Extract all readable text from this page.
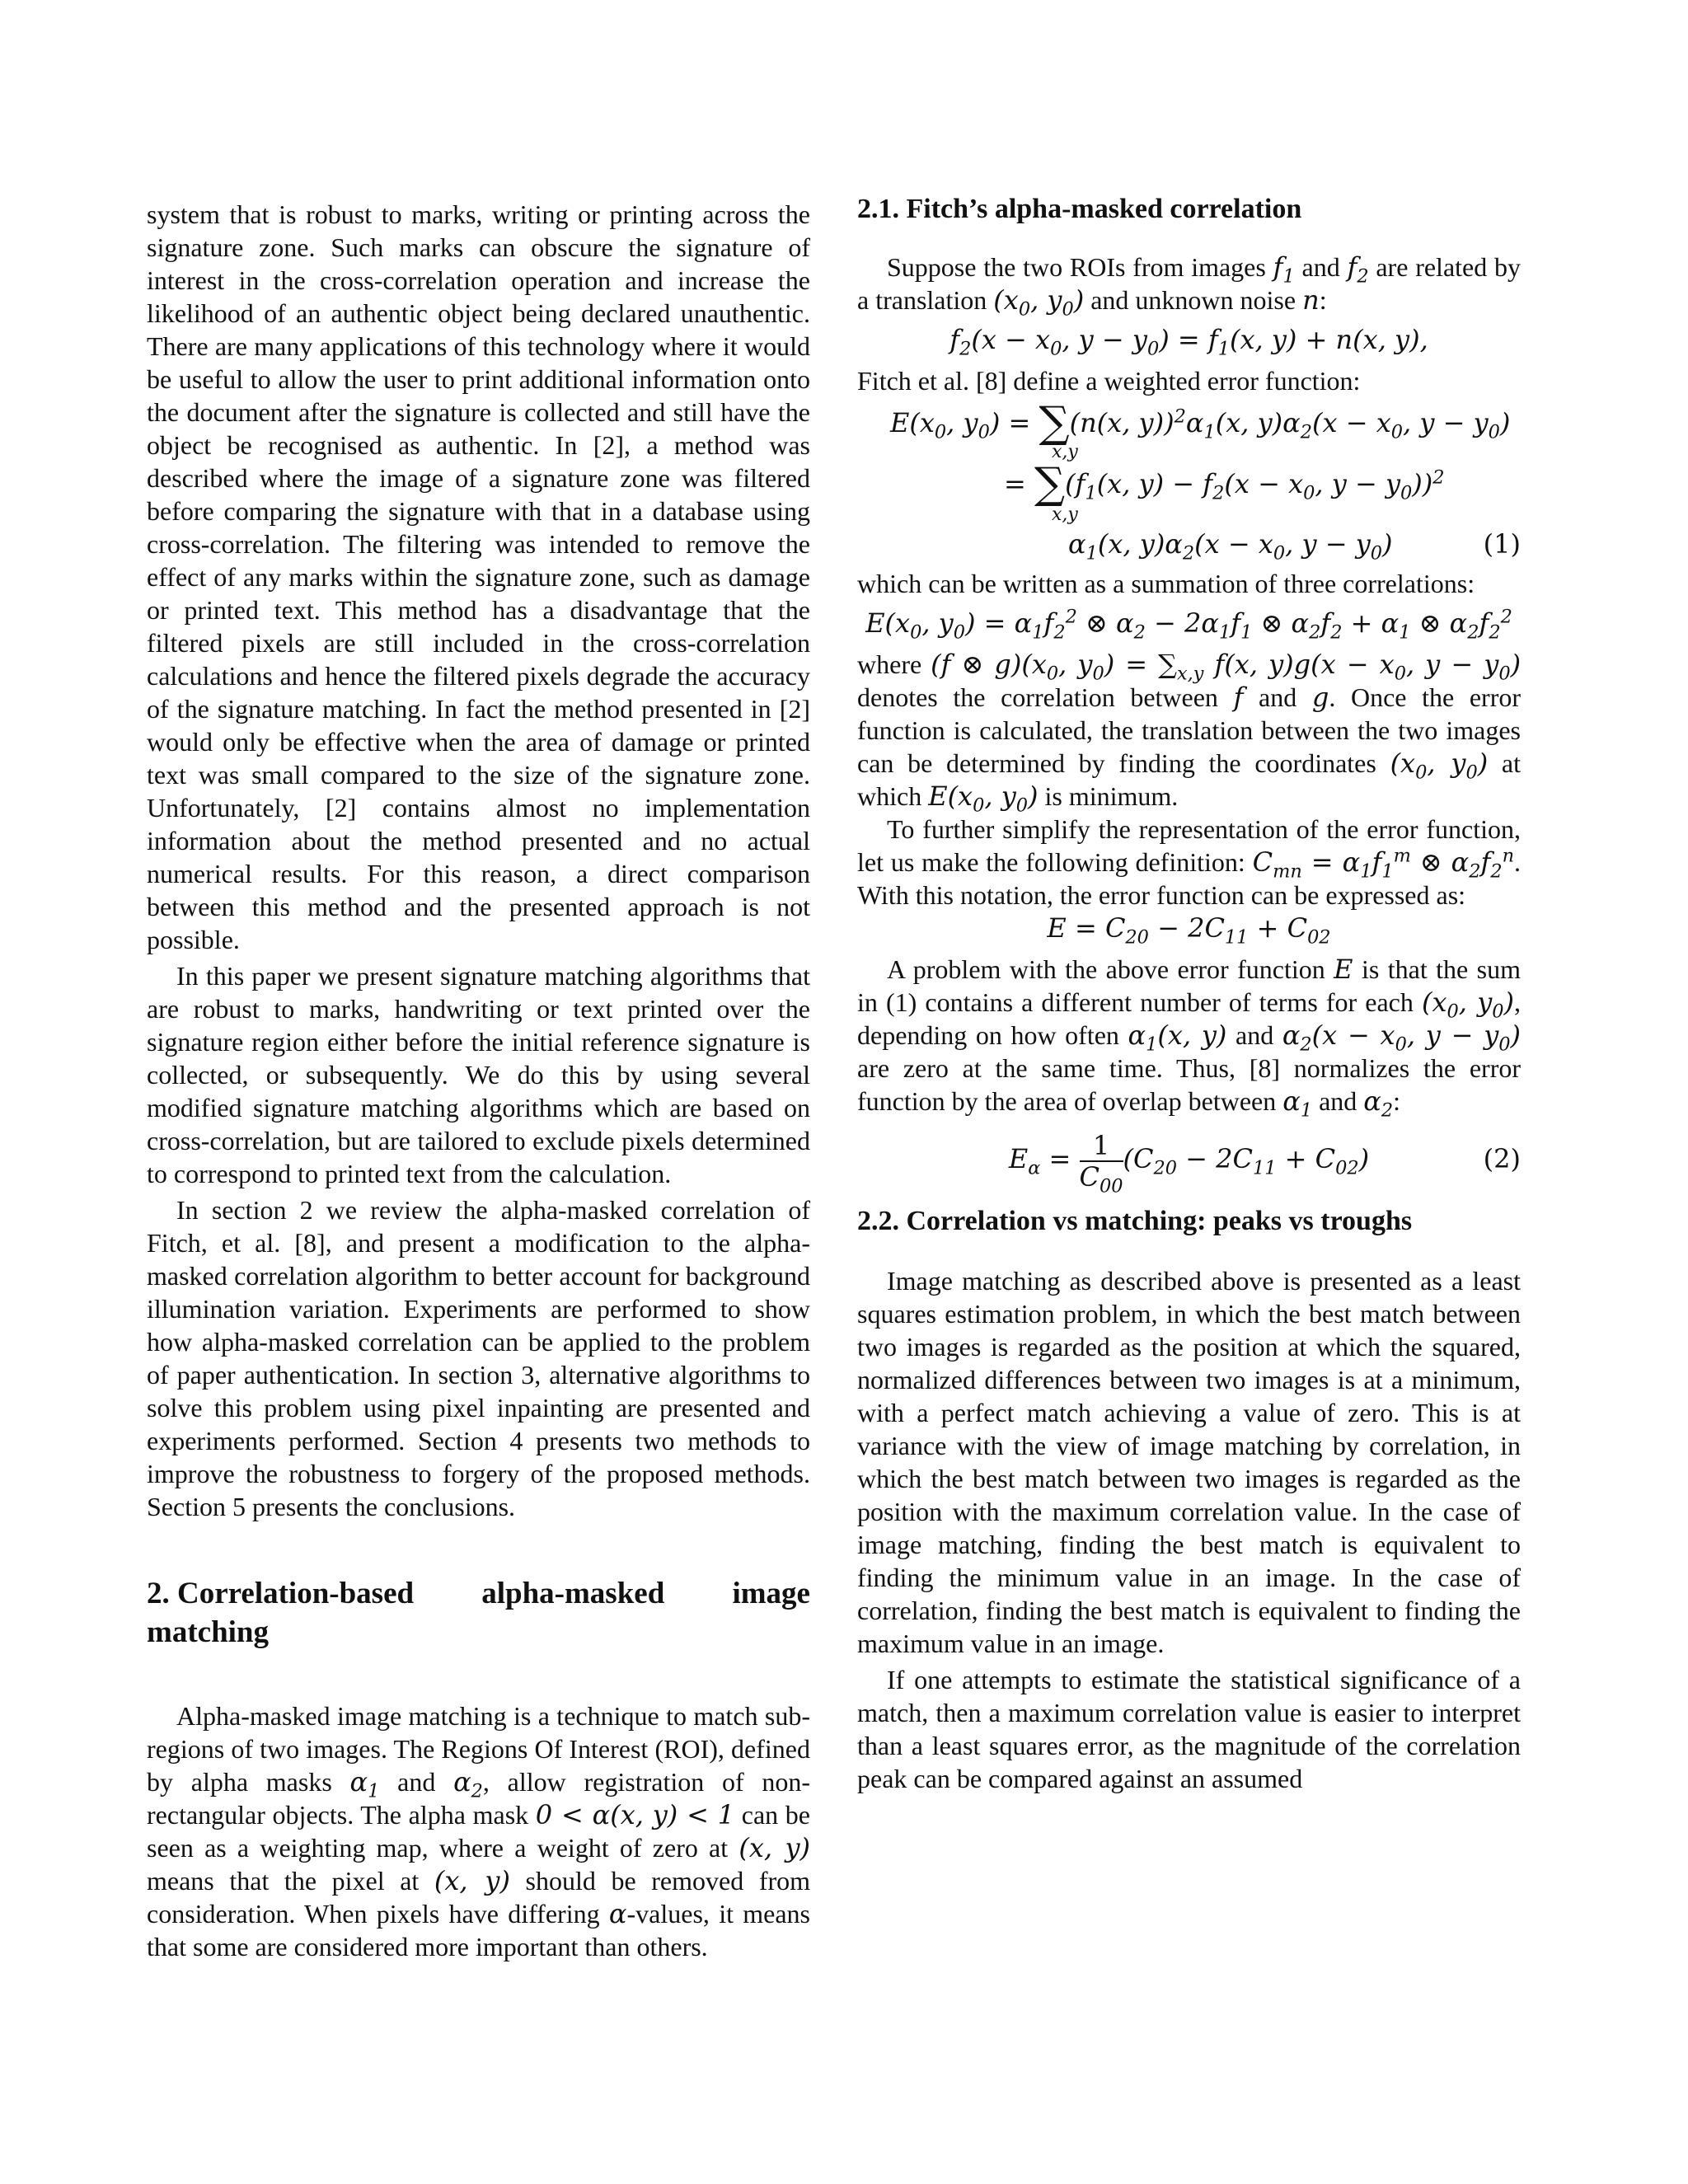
system that is robust to marks, writing or printing across the signature zone. Such marks can obscure the signature of interest in the cross-correlation operation and increase the likelihood of an authentic object being declared unauthentic. There are many applications of this technology where it would be useful to allow the user to print additional information onto the document after the signature is collected and still have the object be recognised as authentic. In [2], a method was described where the image of a signature zone was filtered before comparing the signature with that in a database using cross-correlation. The filtering was intended to remove the effect of any marks within the signature zone, such as damage or printed text. This method has a disadvantage that the filtered pixels are still included in the cross-correlation calculations and hence the filtered pixels degrade the accuracy of the signature matching. In fact the method presented in [2] would only be effective when the area of damage or printed text was small compared to the size of the signature zone. Unfortunately, [2] contains almost no implementation information about the method presented and no actual numerical results. For this reason, a direct comparison between this method and the presented approach is not possible.

In this paper we present signature matching algorithms that are robust to marks, handwriting or text printed over the signature region either before the initial reference signature is collected, or subsequently. We do this by using several modified signature matching algorithms which are based on cross-correlation, but are tailored to exclude pixels determined to correspond to printed text from the calculation.

In section 2 we review the alpha-masked correlation of Fitch, et al. [8], and present a modification to the alpha-masked correlation algorithm to better account for background illumination variation. Experiments are performed to show how alpha-masked correlation can be applied to the problem of paper authentication. In section 3, alternative algorithms to solve this problem using pixel inpainting are presented and experiments performed. Section 4 presents two methods to improve the robustness to forgery of the proposed methods. Section 5 presents the conclusions.

2. Correlation-based alpha-masked image
matching

Alpha-masked image matching is a technique to match sub-regions of two images. The Regions Of Interest (ROI), defined by alpha masks $\alpha_1$ and $\alpha_2$, allow registration of non-rectangular objects. The alpha mask 0 < α(x, y) < 1 can be seen as a weighting map, where a weight of zero at (x, y) means that the pixel at (x, y) should be removed from consideration. When pixels have differing α-values, it means that some are considered more important than others.

2.1. Fitch’s alpha-masked correlation

Suppose the two ROIs from images $f_1$ and $f_2$ are related by a translation ($x_0$, $y_0$) and unknown noise n:

$f_2(x - x_0$, $y - y_0) = f_1(x$, y) + n(x, y),

Fitch et al. [8] define a weighted error function:

$E(x_0$, $y_0) = \sum(n(x$, $y))^2\alpha_1(x$, $y)\alpha_2(x - x_0$, $y - y_0$)
x,y
= $\sum(f_1(x$, $y) - f_2(x - x_0$, $y - y_0))^2$
x,y
$\alpha_1(x$, $y)\alpha_2(x - x_0$, $y - y_0$)	(1)

which can be written as a summation of three correlations:

$E(x_0$, $y_0) = \alpha_1f_2^2$ ⊗ $\alpha_2 - 2\alpha_1f_1$ ⊗ $\alpha_2f_2 + \alpha_1$ ⊗ $\alpha_2f_2^2$

where (f ⊗ $g)(x_0$, $y_0) = \sum_{x,y}$ f(x, $y)g(x - x_0$, $y - y_0$) denotes the correlation between f and g. Once the error function is calculated, the translation between the two images can be determined by finding the coordinates ($x_0$, $y_0$) at which $E(x_0$, $y_0$) is minimum.

To further simplify the representation of the error function, let us make the following definition: $C_{mn} = \alpha_1f_1^m$ ⊗ $\alpha_2f_2^n$. With this notation, the error function can be expressed as:

$E = C_{20} - 2C_{11} + C_{02}$

A problem with the above error function E is that the sum in (1) contains a different number of terms for each ($x_0$, $y_0$), depending on how often $\alpha_1(x$, y) and $\alpha_2(x - x_0$, $y - y_0$) are zero at the same time. Thus, [8] normalizes the error function by the area of overlap between $\alpha_1$ and $\alpha_2$:

$E_\alpha = \frac{1}{C_{00}} (C_{20} - 2C_{11} + C_{02})$	(2)
2.2. Correlation vs matching: peaks vs troughs

Image matching as described above is presented as a least squares estimation problem, in which the best match between two images is regarded as the position at which the squared, normalized differences between two images is at a minimum, with a perfect match achieving a value of zero. This is at variance with the view of image matching by correlation, in which the best match between two images is regarded as the position with the maximum correlation value. In the case of image matching, finding the best match is equivalent to finding the minimum value in an image. In the case of correlation, finding the best match is equivalent to finding the maximum value in an image.

If one attempts to estimate the statistical significance of a match, then a maximum correlation value is easier to interpret than a least squares error, as the magnitude of the correlation peak can be compared against an assumed
